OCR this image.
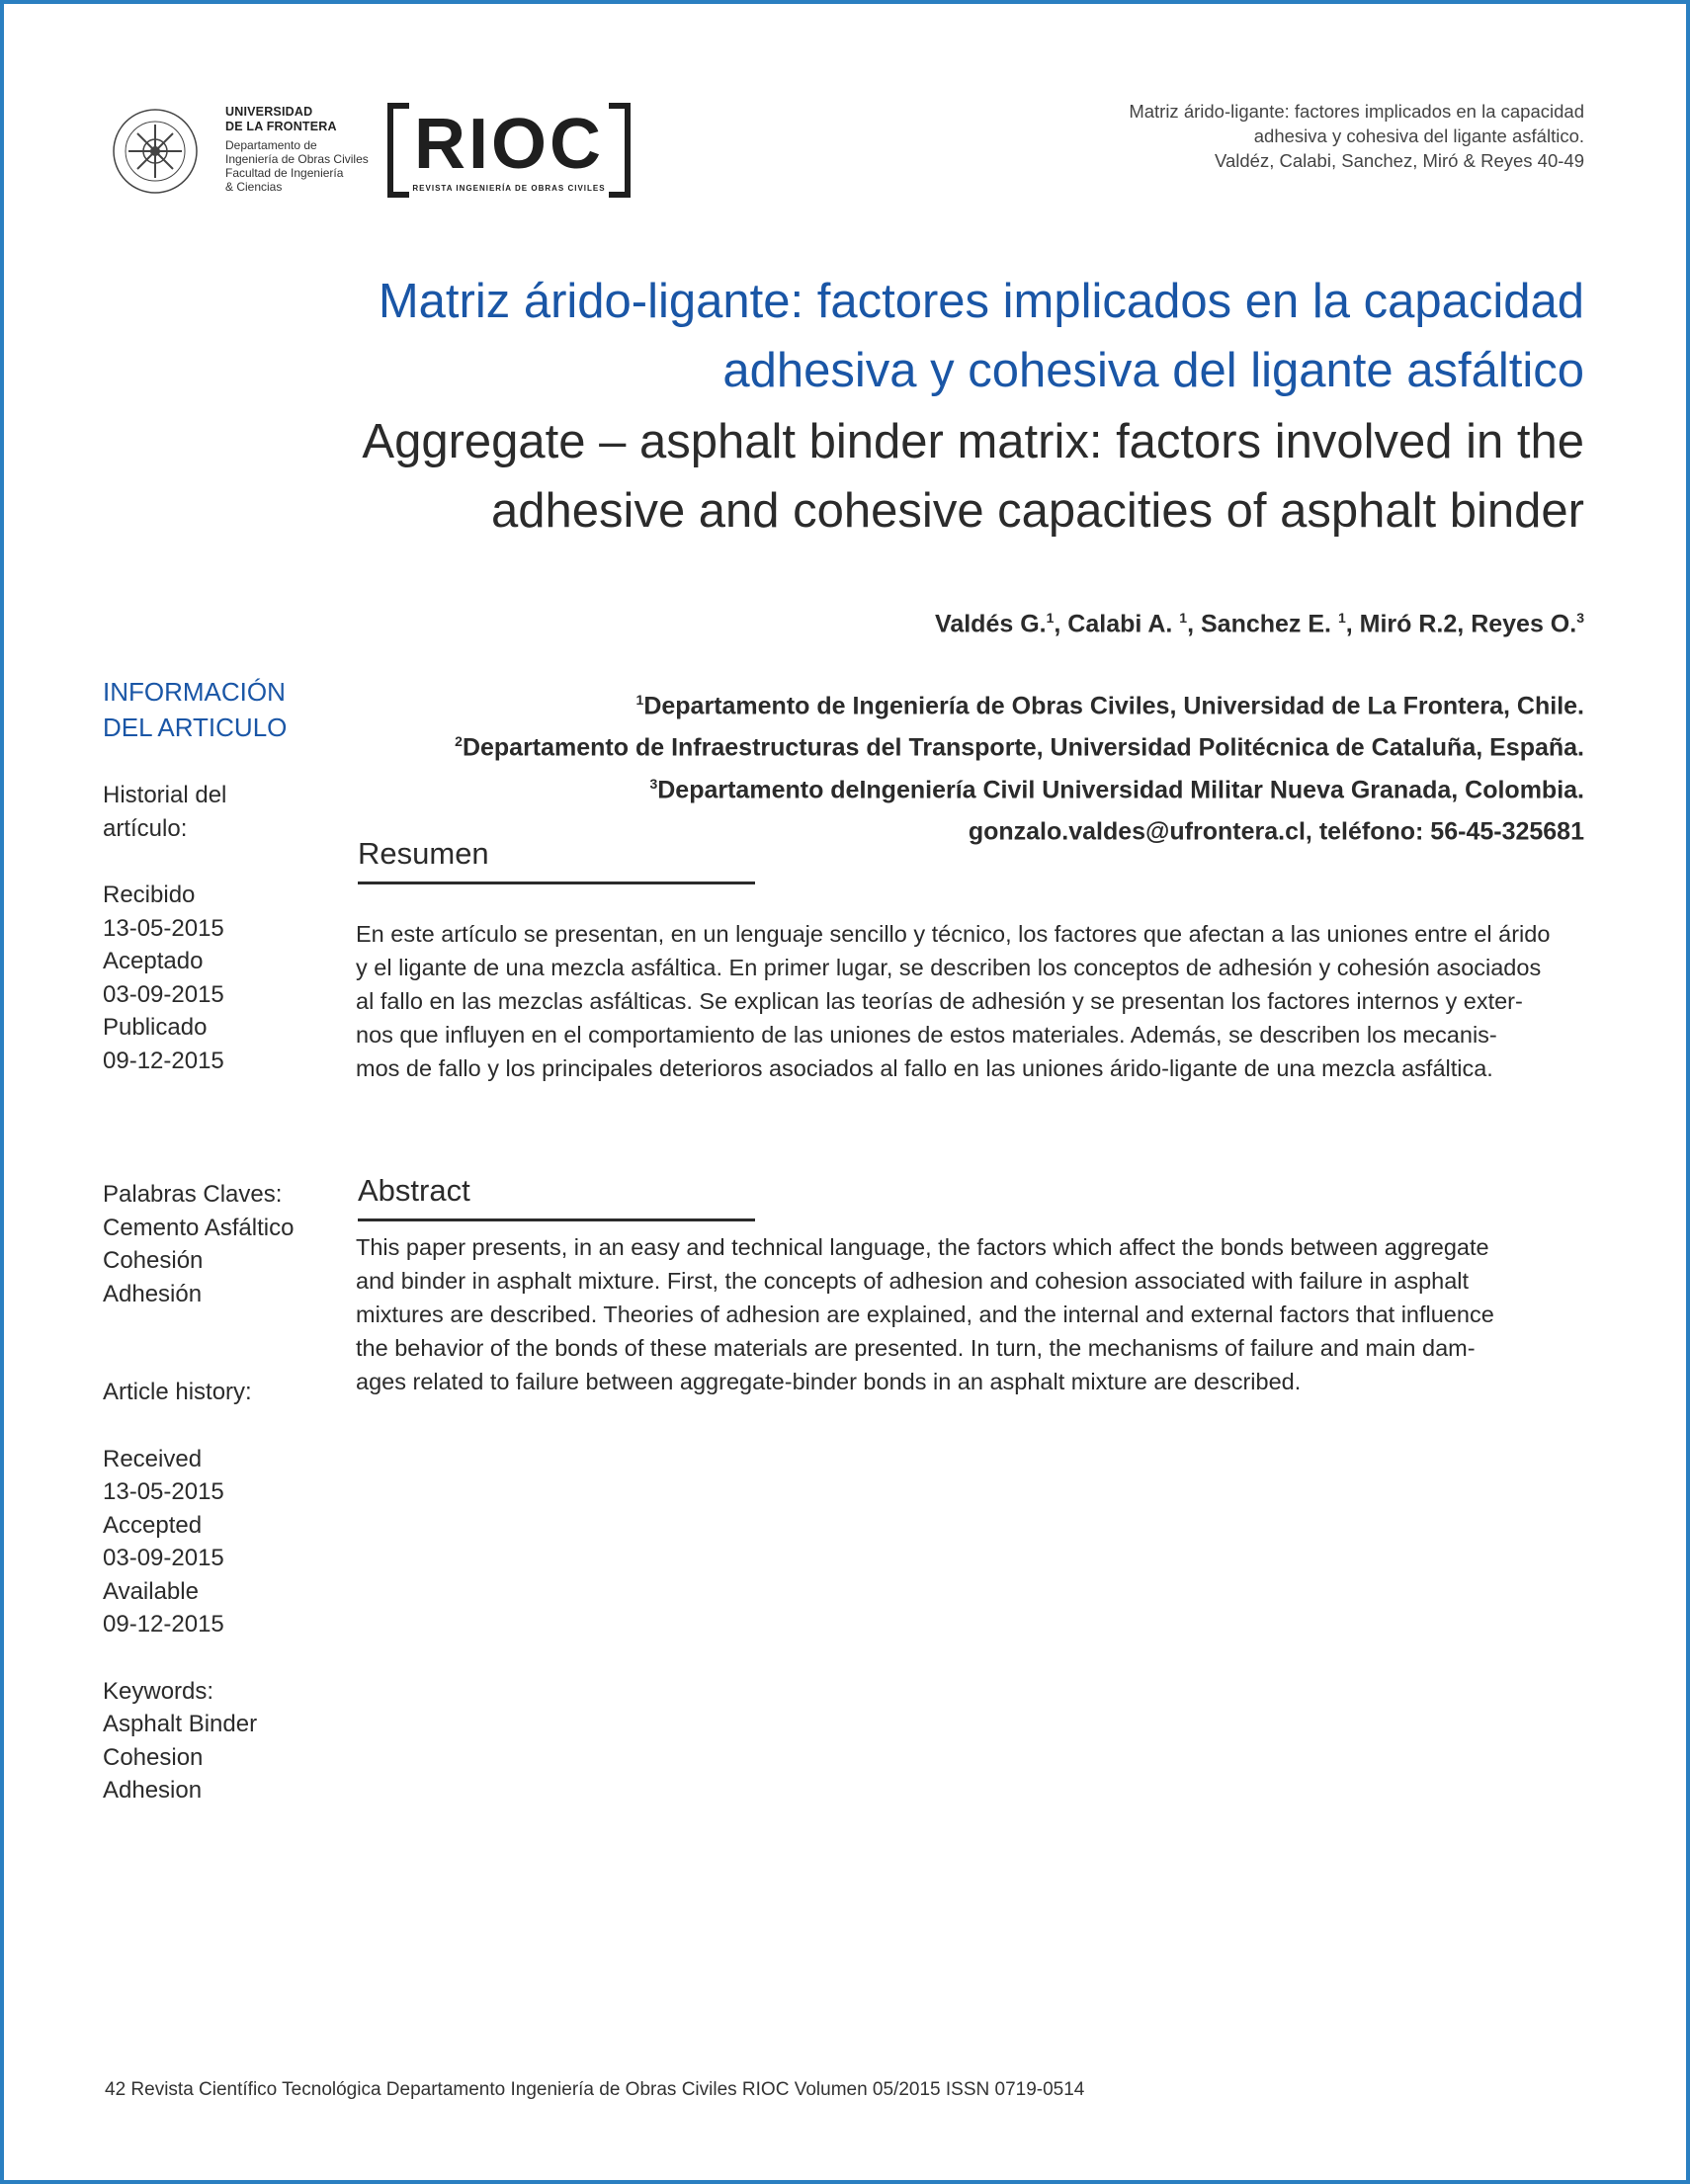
UNIVERSIDAD
DE LA FRONTERA
Departamento de
Ingeniería de Obras Civiles
Facultad de Ingeniería
& Ciencias
RIOC
REVISTA INGENIERÍA DE OBRAS CIVILES
Matriz árido-ligante: factores implicados en la capacidad
adhesiva y cohesiva del ligante asfáltico.
Valdéz, Calabi, Sanchez, Miró & Reyes 40-49
Matriz árido-ligante: factores implicados en la capacidad
adhesiva y cohesiva del ligante asfáltico
Aggregate – asphalt binder matrix: factors involved in the
adhesive and cohesive capacities of asphalt binder
Valdés G.$^1$, Calabi A. $^1$, Sanchez E. $^1$, Miró R.2, Reyes O.$^3$
$^1$Departamento de Ingeniería de Obras Civiles, Universidad de La Frontera, Chile.
$^2$Departamento de Infraestructuras del Transporte, Universidad Politécnica de Cataluña, España.
$^3$Departamento deIngeniería Civil Universidad Militar Nueva Granada, Colombia.
gonzalo.valdes@ufrontera.cl, teléfono: 56-45-325681
INFORMACIÓN
DEL ARTICULO
Historial del
artículo:
Recibido
13-05-2015
Aceptado
03-09-2015
Publicado
09-12-2015
Palabras Claves:
Cemento Asfáltico
Cohesión
Adhesión
Article history:
Received
13-05-2015
Accepted
03-09-2015
Available
09-12-2015
Keywords:
Asphalt Binder
Cohesion
Adhesion
Resumen
En este artículo se presentan, en un lenguaje sencillo y técnico, los factores que afectan a las uniones entre el árido
y el ligante de una mezcla asfáltica. En primer lugar, se describen los conceptos de adhesión y cohesión asociados
al fallo en las mezclas asfálticas. Se explican las teorías de adhesión y se presentan los factores internos y exter-
nos que influyen en el comportamiento de las uniones de estos materiales. Además, se describen los mecanis-
mos de fallo y los principales deterioros asociados al fallo en las uniones árido-ligante de una mezcla asfáltica.
Abstract
This paper presents, in an easy and technical language, the factors which affect the bonds between aggregate
and binder in asphalt mixture. First, the concepts of adhesion and cohesion associated with failure in asphalt
mixtures are described. Theories of adhesion are explained, and the internal and external factors that influence
the behavior of the bonds of these materials are presented. In turn, the mechanisms of failure and main dam-
ages related to failure between aggregate-binder bonds in an asphalt mixture are described.
42 Revista Científico Tecnológica Departamento Ingeniería de Obras Civiles RIOC Volumen 05/2015 ISSN 0719-0514
